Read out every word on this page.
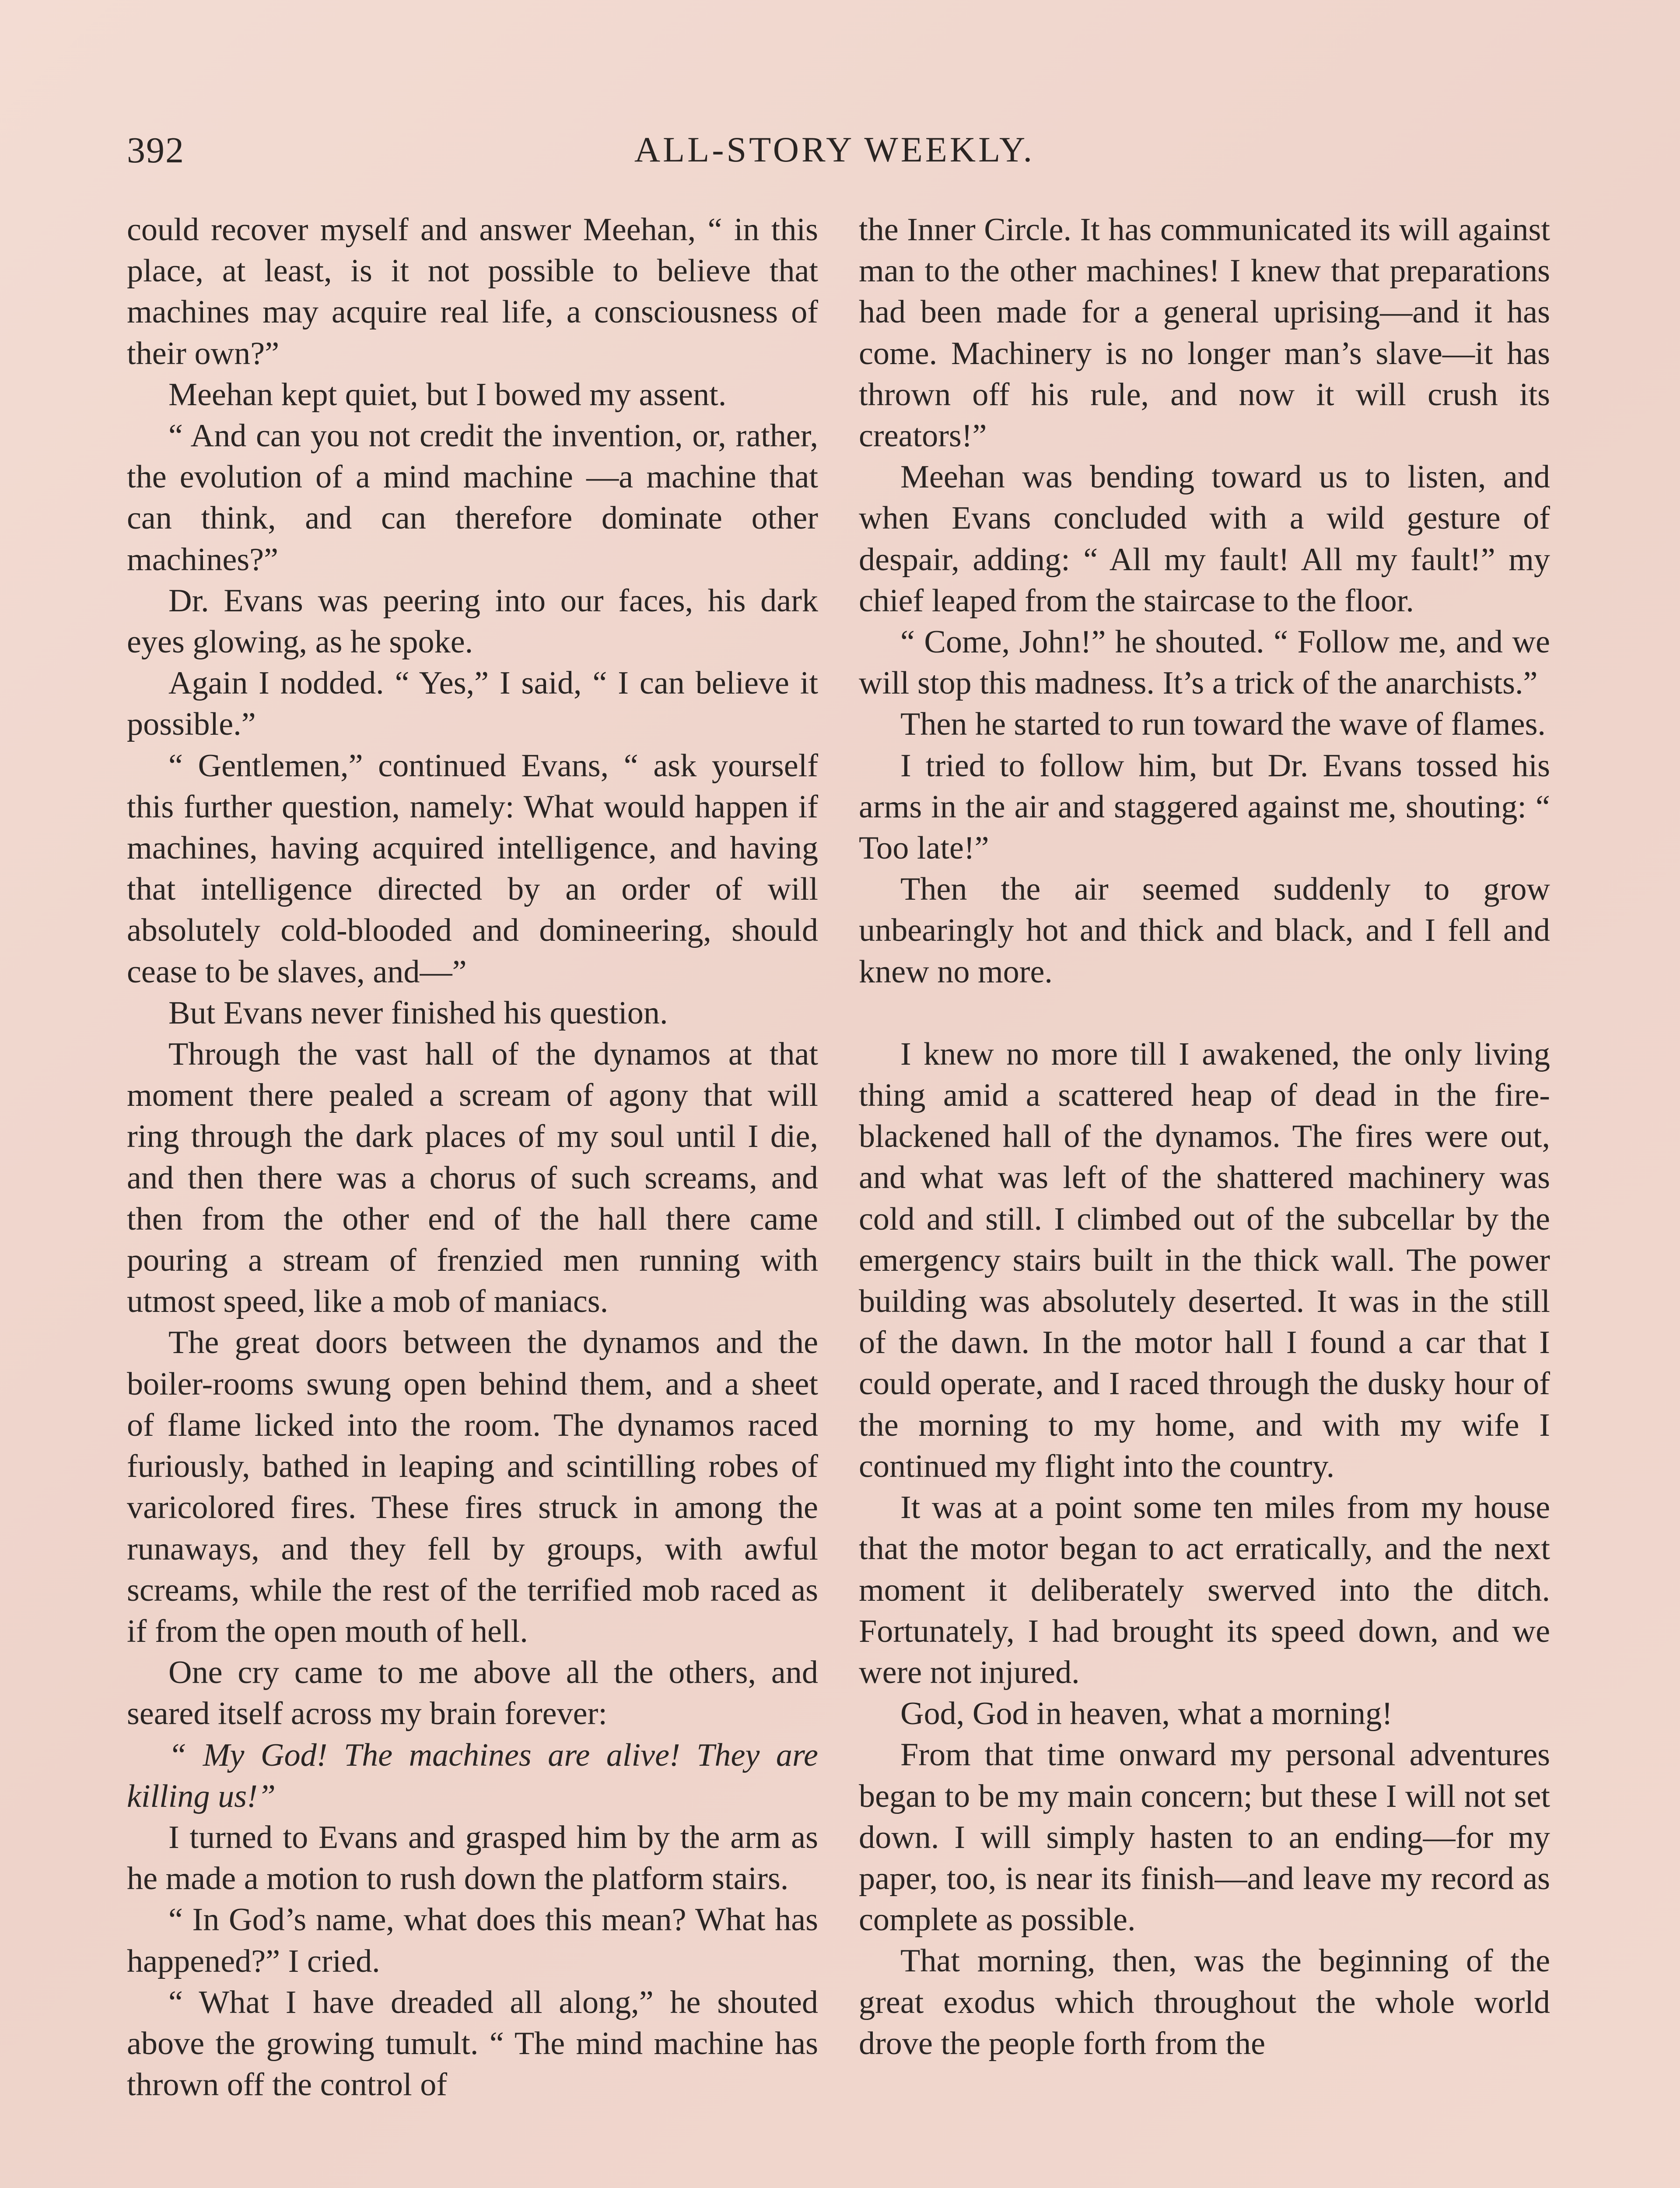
392	ALL-STORY WEEKLY.

could recover myself and answer Meehan, “ in this place, at least, is it not possible to believe that machines may acquire real life, a consciousness of their own?”

Meehan kept quiet, but I bowed my assent.

“ And can you not credit the invention, or, rather, the evolution of a mind machine —a machine that can think, and can therefore dominate other machines?”

Dr. Evans was peering into our faces, his dark eyes glowing, as he spoke.

Again I nodded. “ Yes,” I said, “ I can believe it possible.”

“ Gentlemen,” continued Evans, “ ask yourself this further question, namely: What would happen if machines, having acquired intelligence, and having that intelligence directed by an order of will absolutely cold-blooded and domineering, should cease to be slaves, and—”

But Evans never finished his question.

Through the vast hall of the dynamos at that moment there pealed a scream of agony that will ring through the dark places of my soul until I die, and then there was a chorus of such screams, and then from the other end of the hall there came pouring a stream of frenzied men running with utmost speed, like a mob of maniacs.

The great doors between the dynamos and the boiler-rooms swung open behind them, and a sheet of flame licked into the room. The dynamos raced furiously, bathed in leaping and scintilling robes of varicolored fires. These fires struck in among the runaways, and they fell by groups, with awful screams, while the rest of the terrified mob raced as if from the open mouth of hell.

One cry came to me above all the others, and seared itself across my brain forever:

“ My God! The machines are alive! They are killing us!”

I turned to Evans and grasped him by the arm as he made a motion to rush down the platform stairs.

“ In God’s name, what does this mean? What has happened?” I cried.

“ What I have dreaded all along,” he shouted above the growing tumult. “ The mind machine has thrown off the control of

the Inner Circle. It has communicated its will against man to the other machines! I knew that preparations had been made for a general uprising—and it has come. Machinery is no longer man’s slave—it has thrown off his rule, and now it will crush its creators!”

Meehan was bending toward us to listen, and when Evans concluded with a wild gesture of despair, adding: “ All my fault! All my fault!” my chief leaped from the staircase to the floor.

“ Come, John!” he shouted. “ Follow me, and we will stop this madness. It’s a trick of the anarchists.”

Then he started to run toward the wave of flames.

I tried to follow him, but Dr. Evans tossed his arms in the air and staggered against me, shouting: “ Too late!”

Then the air seemed suddenly to grow unbearingly hot and thick and black, and I fell and knew no more.

I knew no more till I awakened, the only living thing amid a scattered heap of dead in the fire-blackened hall of the dynamos. The fires were out, and what was left of the shattered machinery was cold and still. I climbed out of the subcellar by the emergency stairs built in the thick wall. The power building was absolutely deserted. It was in the still of the dawn. In the motor hall I found a car that I could operate, and I raced through the dusky hour of the morning to my home, and with my wife I continued my flight into the country.

It was at a point some ten miles from my house that the motor began to act erratically, and the next moment it deliberately swerved into the ditch. Fortunately, I had brought its speed down, and we were not injured.

God, God in heaven, what a morning!

From that time onward my personal adventures began to be my main concern; but these I will not set down. I will simply hasten to an ending—for my paper, too, is near its finish—and leave my record as complete as possible.

That morning, then, was the beginning of the great exodus which throughout the whole world drove the people forth from the
